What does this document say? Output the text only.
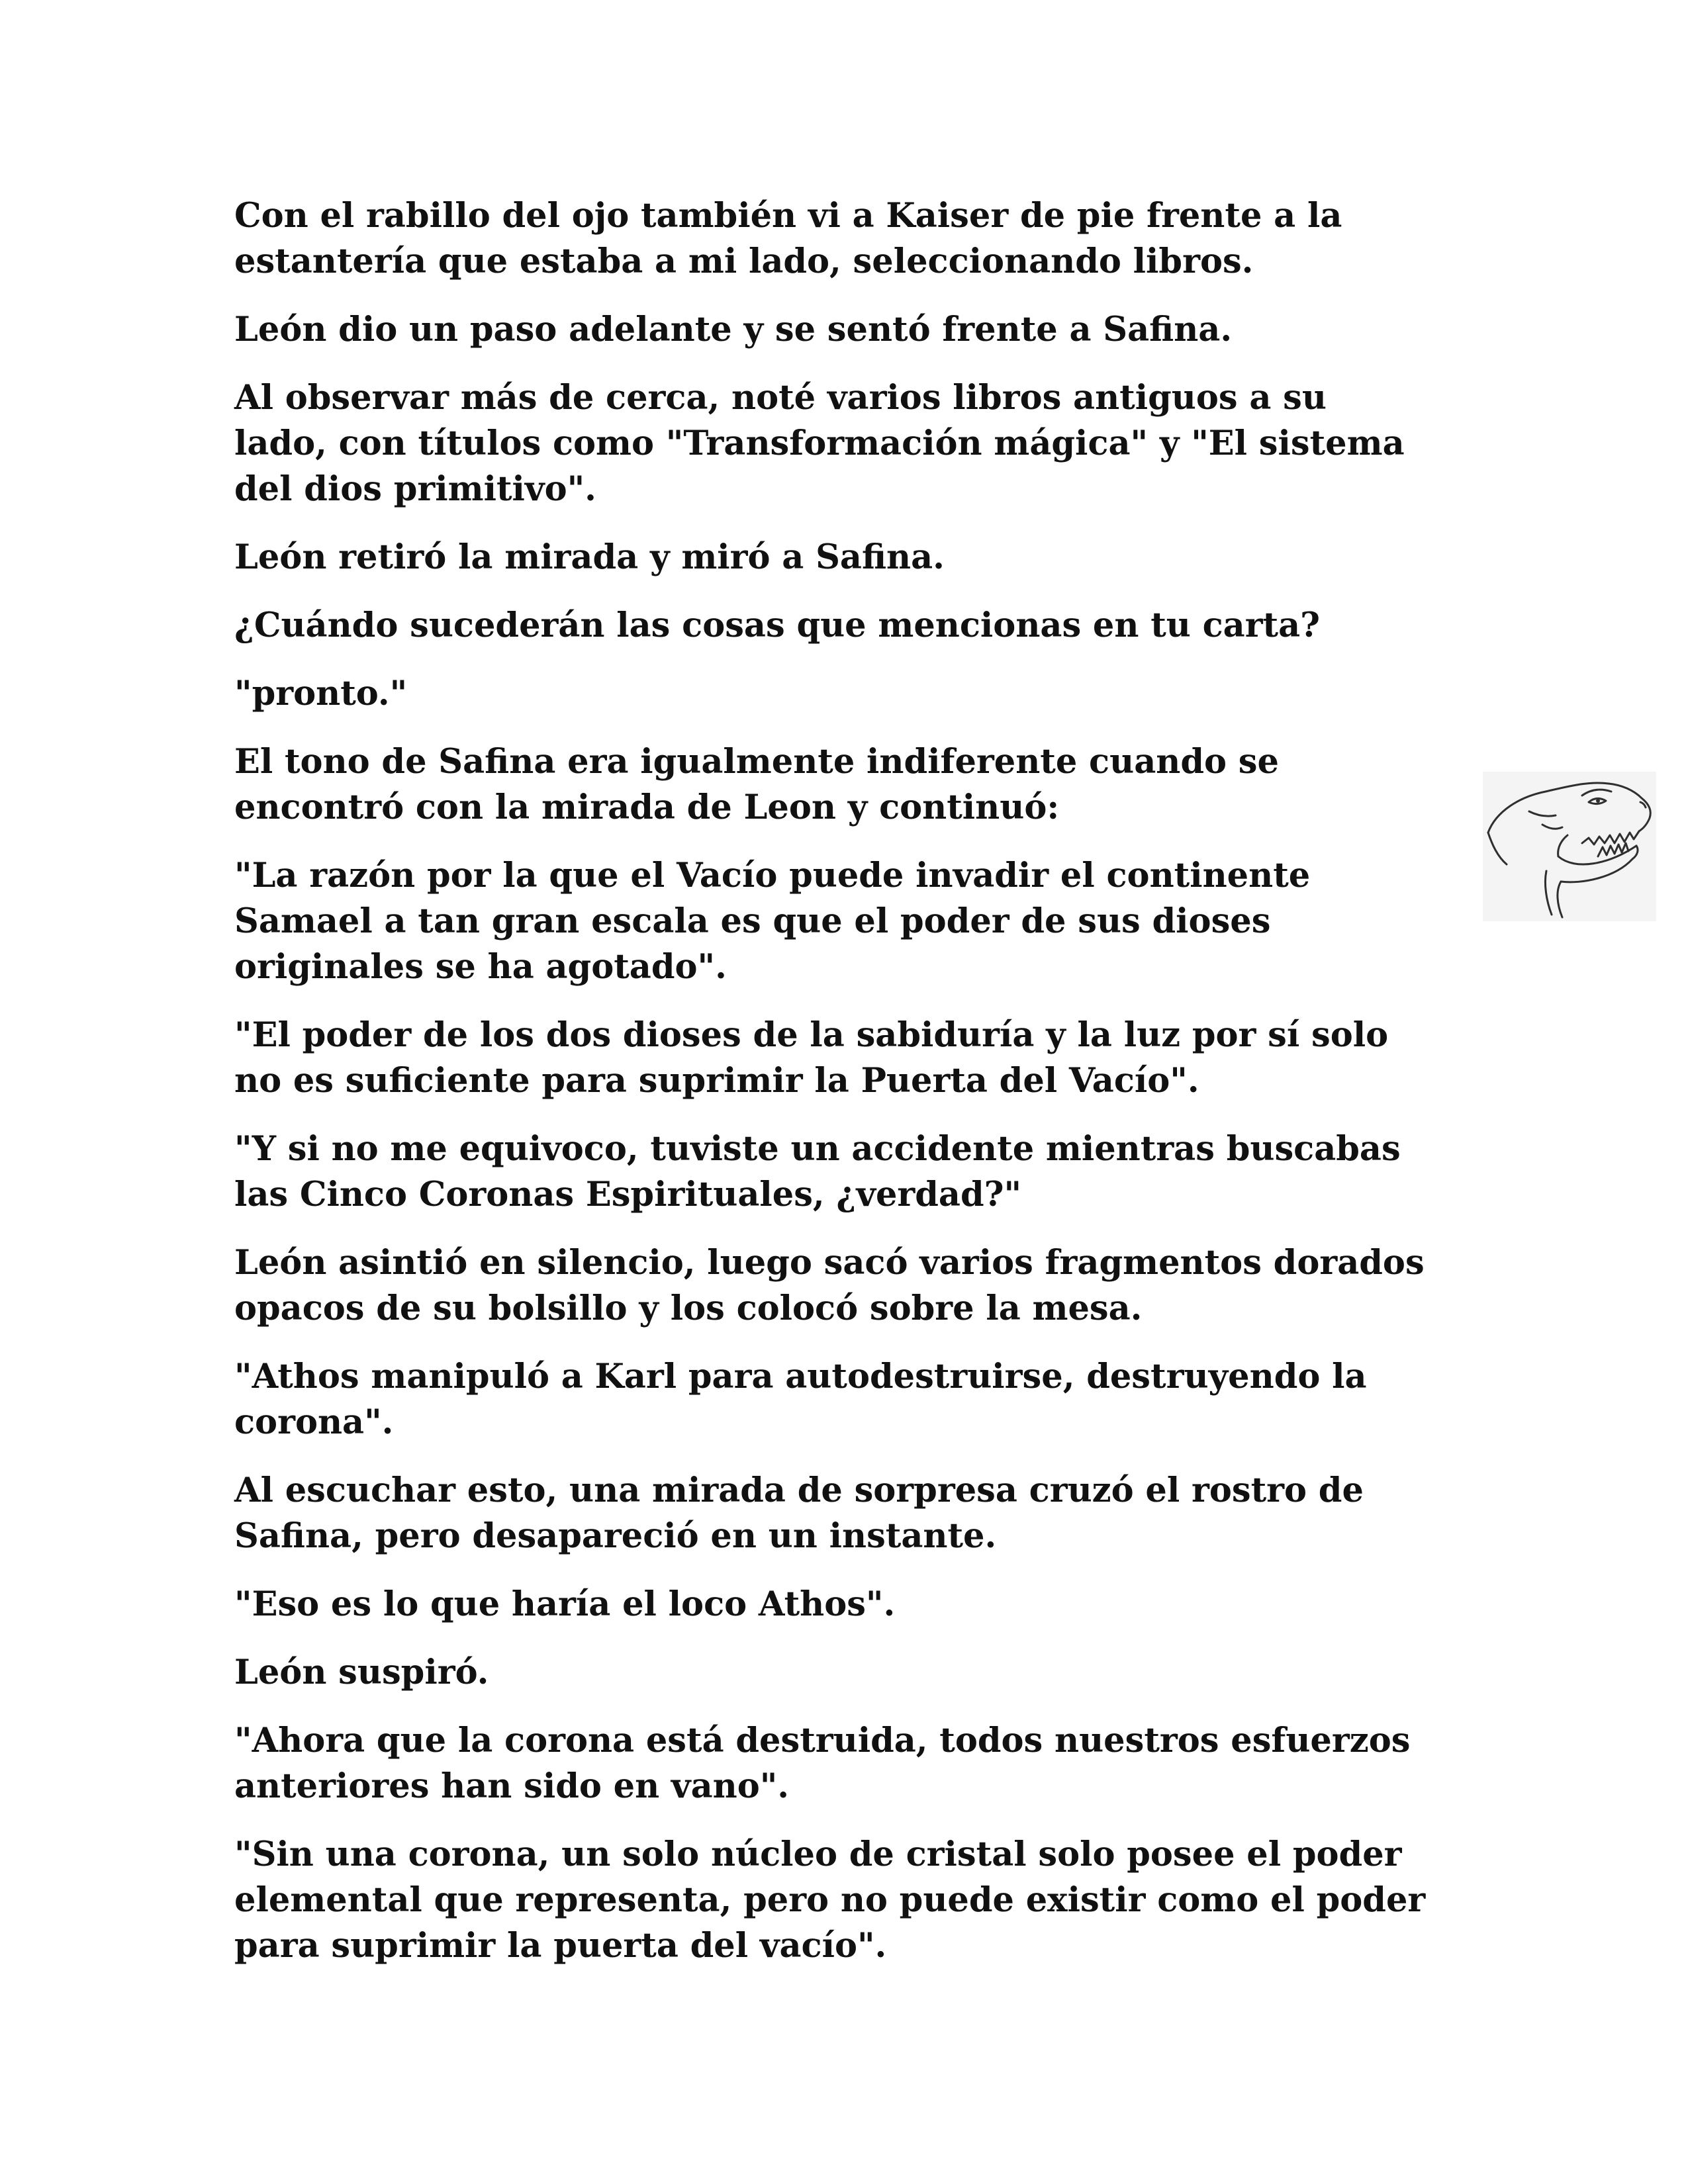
Con el rabillo del ojo también vi a Kaiser de pie frente a la
estantería que estaba a mi lado, seleccionando libros.
León dio un paso adelante y se sentó frente a Safina.
Al observar más de cerca, noté varios libros antiguos a su
lado, con títulos como "Transformación mágica" y "El sistema
del dios primitivo".
León retiró la mirada y miró a Safina.
¿Cuándo sucederán las cosas que mencionas en tu carta?
"pronto."
El tono de Safina era igualmente indiferente cuando se
encontró con la mirada de Leon y continuó:
"La razón por la que el Vacío puede invadir el continente
Samael a tan gran escala es que el poder de sus dioses
originales se ha agotado".
"El poder de los dos dioses de la sabiduría y la luz por sí solo
no es suficiente para suprimir la Puerta del Vacío".
"Y si no me equivoco, tuviste un accidente mientras buscabas
las Cinco Coronas Espirituales, ¿verdad?"
León asintió en silencio, luego sacó varios fragmentos dorados
opacos de su bolsillo y los colocó sobre la mesa.
"Athos manipuló a Karl para autodestruirse, destruyendo la
corona".
Al escuchar esto, una mirada de sorpresa cruzó el rostro de
Safina, pero desapareció en un instante.
"Eso es lo que haría el loco Athos".
León suspiró.
"Ahora que la corona está destruida, todos nuestros esfuerzos
anteriores han sido en vano".
"Sin una corona, un solo núcleo de cristal solo posee el poder
elemental que representa, pero no puede existir como el poder
para suprimir la puerta del vacío".
